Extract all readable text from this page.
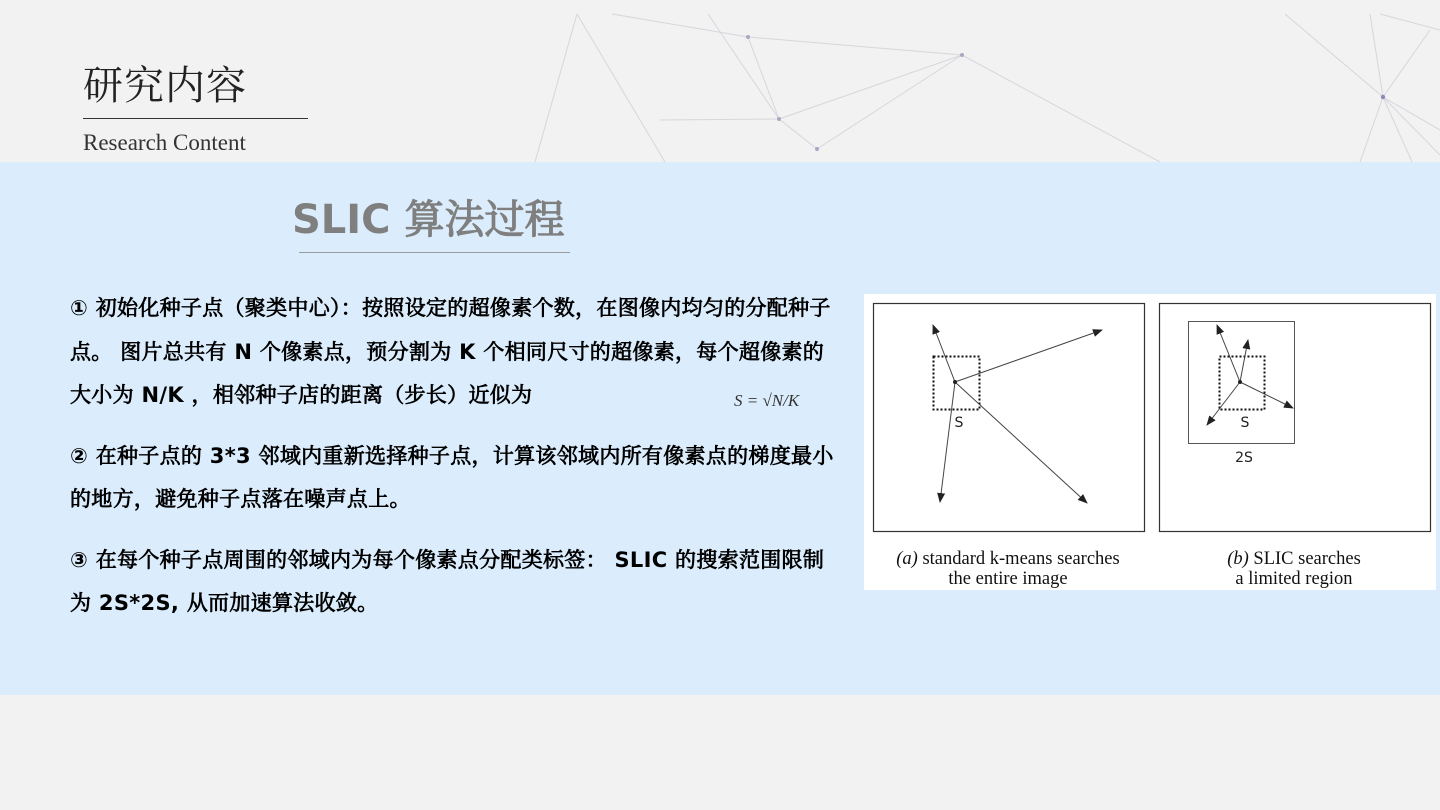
研究内容
Research Content
SLIC 算法过程

① 初始化种子点（聚类中心）：按照设定的超像素个数，在图像内均匀的分配种子点。 图片总共有 N 个像素点，预分割为 K 个相同尺寸的超像素，每个超像素的大小为 N/K ，相邻种子店的距离（步长）近似为

② 在种子点的 3*3 邻域内重新选择种子点，计算该邻域内所有像素点的梯度最小的地方，避免种子点落在噪声点上。

③ 在每个种子点周围的邻域内为每个像素点分配类标签： SLIC 的搜索范围限制为 2S*2S, 从而加速算法收敛。

S = √N/K
S	S
2S
(a) standard k-means searches
the entire image
(b) SLIC searches
a limited region
